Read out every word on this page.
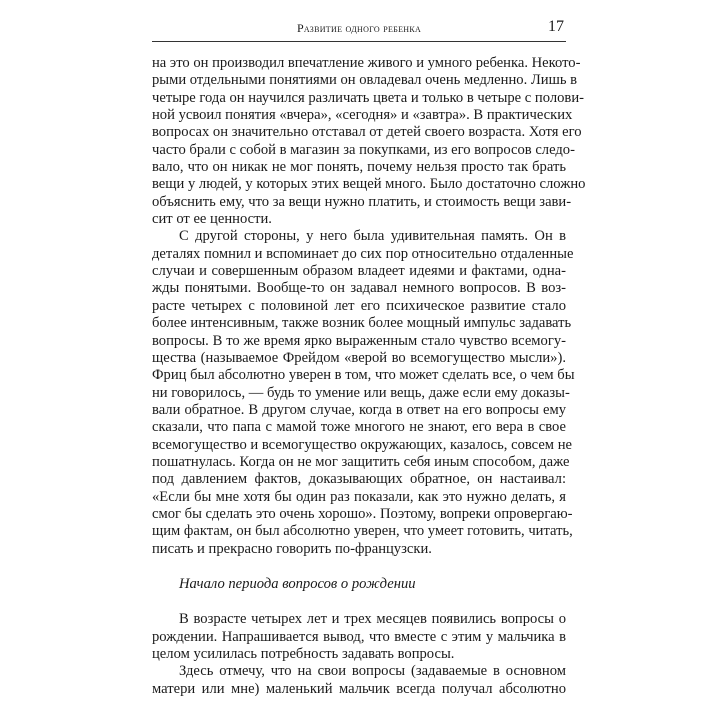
Развитие одного ребенка	17
на это он производил впечатление живого и умного ребенка. Некото-
рыми отдельными понятиями он овладевал очень медленно. Лишь в
четыре года он научился различать цвета и только в четыре с полови-
ной усвоил понятия «вчера», «сегодня» и «завтра». В практических
вопросах он значительно отставал от детей своего возраста. Хотя его
часто брали с собой в магазин за покупками, из его вопросов следо-
вало, что он никак не мог понять, почему нельзя просто так брать
вещи у людей, у которых этих вещей много. Было достаточно сложно
объяснить ему, что за вещи нужно платить, и стоимость вещи зави-
сит от ее ценности.
С другой стороны, у него была удивительная память. Он в
деталях помнил и вспоминает до сих пор относительно отдаленные
случаи и совершенным образом владеет идеями и фактами, одна-
жды понятыми. Вообще-то он задавал немного вопросов. В воз-
расте четырех с половиной лет его психическое развитие стало
более интенсивным, также возник более мощный импульс задавать
вопросы. В то же время ярко выраженным стало чувство всемогу-
щества (называемое Фрейдом «верой во всемогущество мысли»).
Фриц был абсолютно уверен в том, что может сделать все, о чем бы
ни говорилось, — будь то умение или вещь, даже если ему доказы-
вали обратное. В другом случае, когда в ответ на его вопросы ему
сказали, что папа с мамой тоже многого не знают, его вера в свое
всемогущество и всемогущество окружающих, казалось, совсем не
пошатнулась. Когда он не мог защитить себя иным способом, даже
под давлением фактов, доказывающих обратное, он настаивал:
«Если бы мне хотя бы один раз показали, как это нужно делать, я
смог бы сделать это очень хорошо». Поэтому, вопреки опровергаю-
щим фактам, он был абсолютно уверен, что умеет готовить, читать,
писать и прекрасно говорить по-французски.
Начало периода вопросов о рождении
В возрасте четырех лет и трех месяцев появились вопросы о
рождении. Напрашивается вывод, что вместе с этим у мальчика в
целом усилилась потребность задавать вопросы.
Здесь отмечу, что на свои вопросы (задаваемые в основном
матери или мне) маленький мальчик всегда получал абсолютно
